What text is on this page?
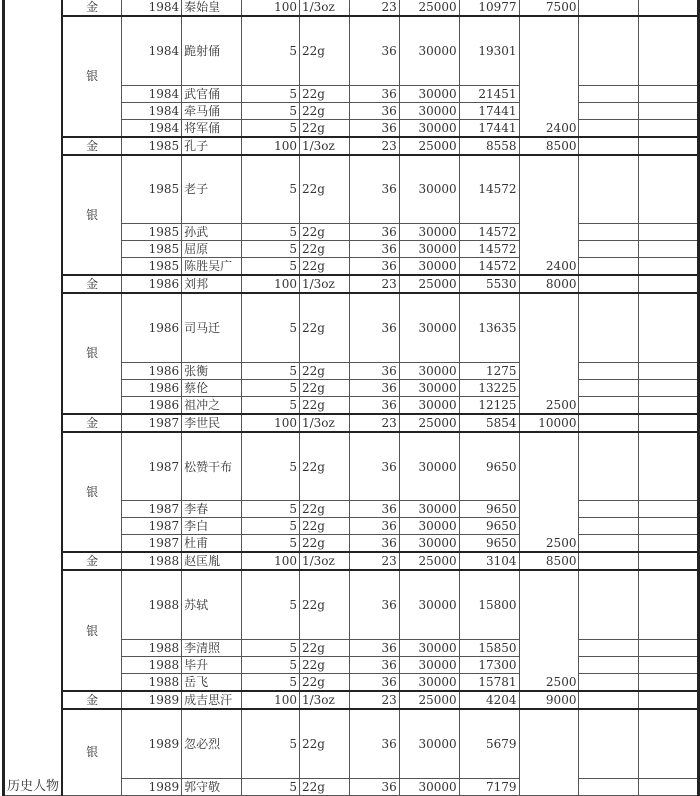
历史人物	金	1984	秦始皇	100	1/3oz	23	25000	10977	7500		
	银	1984	跪射俑	5	22g	36	30000	19301	2400		
		1984	武官俑	5	22g	36	30000	21451			
		1984	牵马俑	5	22g	36	30000	17441			
		1984	将军俑	5	22g	36	30000	17441			
	金	1985	孔子	100	1/3oz	23	25000	8558	8500		
	银	1985	老子	5	22g	36	30000	14572	2400		
		1985	孙武	5	22g	36	30000	14572			
		1985	屈原	5	22g	36	30000	14572			
		1985	陈胜吴广	5	22g	36	30000	14572			
	金	1986	刘邦	100	1/3oz	23	25000	5530	8000		
	银	1986	司马迁	5	22g	36	30000	13635	2500		
		1986	张衡	5	22g	36	30000	1275			
		1986	蔡伦	5	22g	36	30000	13225			
		1986	祖冲之	5	22g	36	30000	12125			
	金	1987	李世民	100	1/3oz	23	25000	5854	10000		
	银	1987	松赞干布	5	22g	36	30000	9650	2500		
		1987	李春	5	22g	36	30000	9650			
		1987	李白	5	22g	36	30000	9650			
		1987	杜甫	5	22g	36	30000	9650			
	金	1988	赵匡胤	100	1/3oz	23	25000	3104	8500		
	银	1988	苏轼	5	22g	36	30000	15800	2500		
		1988	李清照	5	22g	36	30000	15850			
		1988	毕升	5	22g	36	30000	17300			
		1988	岳飞	5	22g	36	30000	15781			
	金	1989	成吉思汗	100	1/3oz	23	25000	4204	9000		
	银	1989	忽必烈	5	22g	36	30000	5679			
		1989	郭守敬	5	22g	36	30000	7179			
